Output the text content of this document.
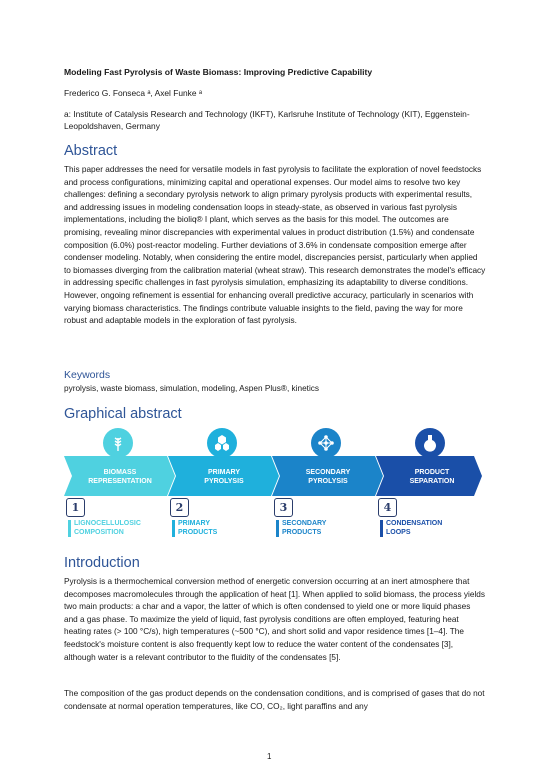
Modeling Fast Pyrolysis of Waste Biomass: Improving Predictive Capability
Frederico G. Fonseca ᵃ, Axel Funke ᵃ
a: Institute of Catalysis Research and Technology (IKFT), Karlsruhe Institute of Technology (KIT), Eggenstein-Leopoldshaven, Germany
Abstract

This paper addresses the need for versatile models in fast pyrolysis to facilitate the exploration of novel feedstocks and process configurations, minimizing capital and operational expenses. Our model aims to resolve two key challenges: defining a secondary pyrolysis network to align primary pyrolysis products with experimental results, and addressing issues in modeling condensation loops in steady-state, as observed in various fast pyrolysis implementations, including the bioliq® I plant, which serves as the basis for this model. The outcomes are promising, revealing minor discrepancies with experimental values in product distribution (1.5%) and condensate composition (6.0%) post-reactor modeling. Further deviations of 3.6% in condensate composition emerge after condenser modeling. Notably, when considering the entire model, discrepancies persist, particularly when applied to biomasses diverging from the calibration material (wheat straw). This research demonstrates the model's efficacy in addressing specific challenges in fast pyrolysis simulation, emphasizing its adaptability to diverse conditions. However, ongoing refinement is essential for enhancing overall predictive accuracy, particularly in scenarios with varying biomass characteristics. The findings contribute valuable insights to the field, paving the way for more robust and adaptable models in the exploration of fast pyrolysis.

Keywords
pyrolysis, waste biomass, simulation, modeling, Aspen Plus®, kinetics
Graphical abstract
BIOMASS
REPRESENTATION
PRIMARY
PYROLYSIS
SECONDARY
PYROLYSIS
PRODUCT
SEPARATION
1	2	3	4
LIGNOCELLULOSIC
COMPOSITION
PRIMARY
PRODUCTS
SECONDARY
PRODUCTS
CONDENSATION
LOOPS
Introduction

Pyrolysis is a thermochemical conversion method of energetic conversion occurring at an inert atmosphere that decomposes macromolecules through the application of heat [1]. When applied to solid biomass, the process yields two main products: a char and a vapor, the latter of which is often condensed to yield one or more liquid phases and a gas phase. To maximize the yield of liquid, fast pyrolysis conditions are often employed, featuring heat heating rates (> 100 °C/s), high temperatures (~500 °C), and short solid and vapor residence times [1–4]. The feedstock's moisture content is also frequently kept low to reduce the water content of the condensates [3], although water is a relevant contributor to the fluidity of the condensates [5].

The composition of the gas product depends on the condensation conditions, and is comprised of gases that do not condensate at normal operation temperatures, like CO, CO₂, light paraffins and any

1
